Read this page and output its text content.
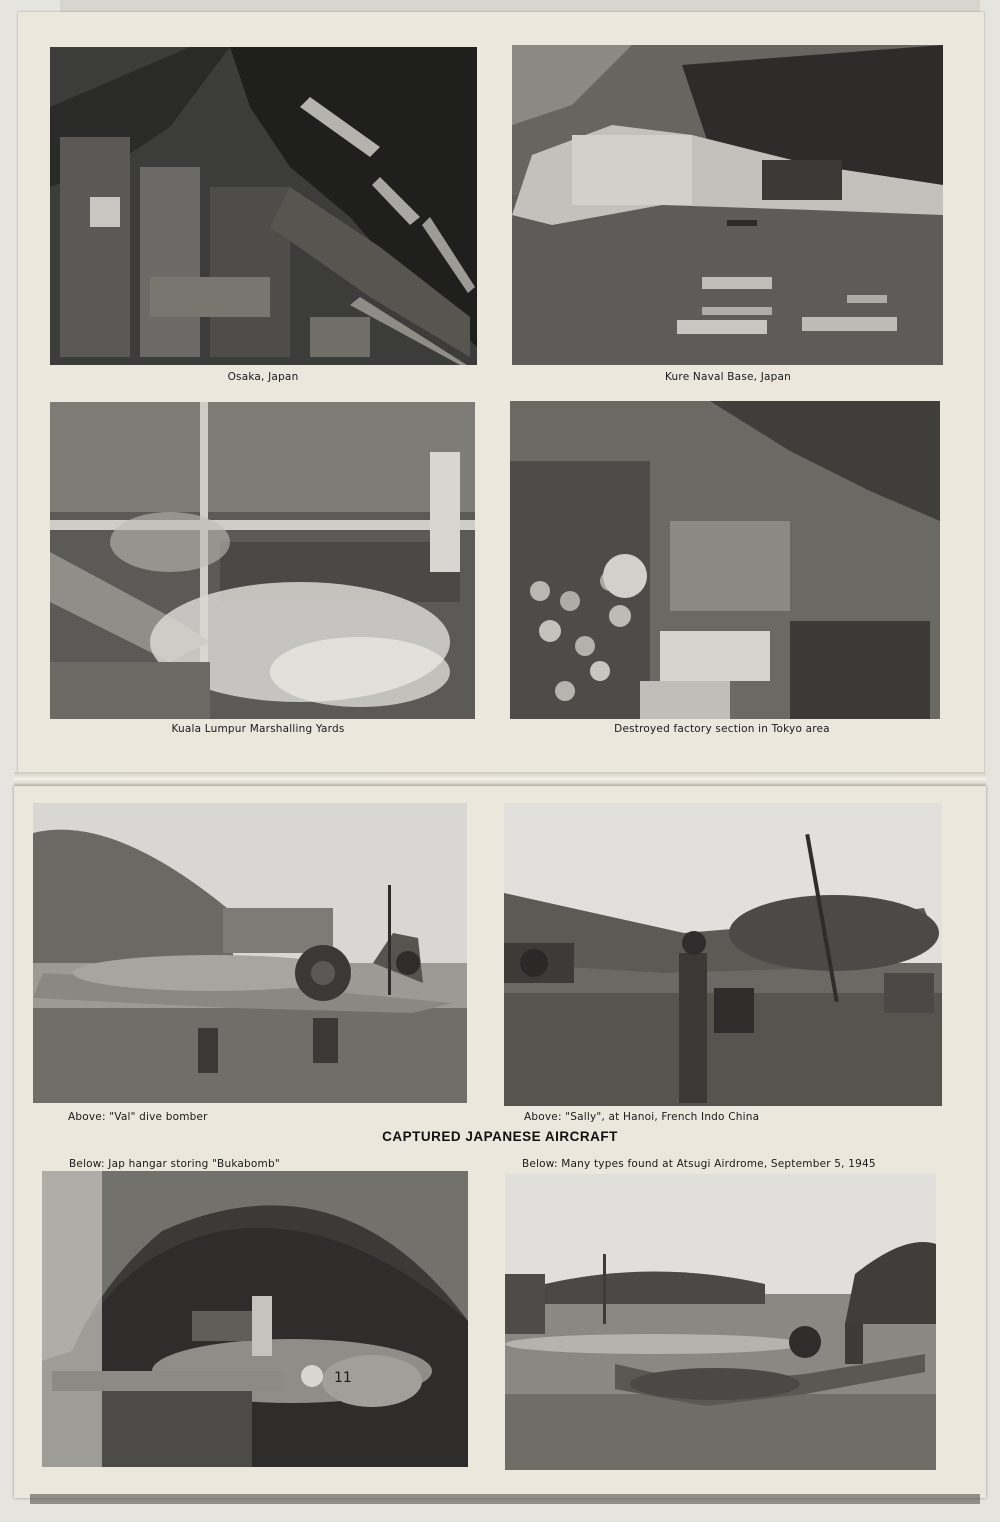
Osaka, Japan	Kure Naval Base, Japan
Kuala Lumpur Marshalling Yards	Destroyed factory section in Tokyo area
Above: "Val" dive bomber	Above: "Sally", at Hanoi, French Indo China
CAPTURED JAPANESE AIRCRAFT
Below: Jap hangar storing "Bukabomb"	Below: Many types found at Atsugi Airdrome, September 5, 1945
11
